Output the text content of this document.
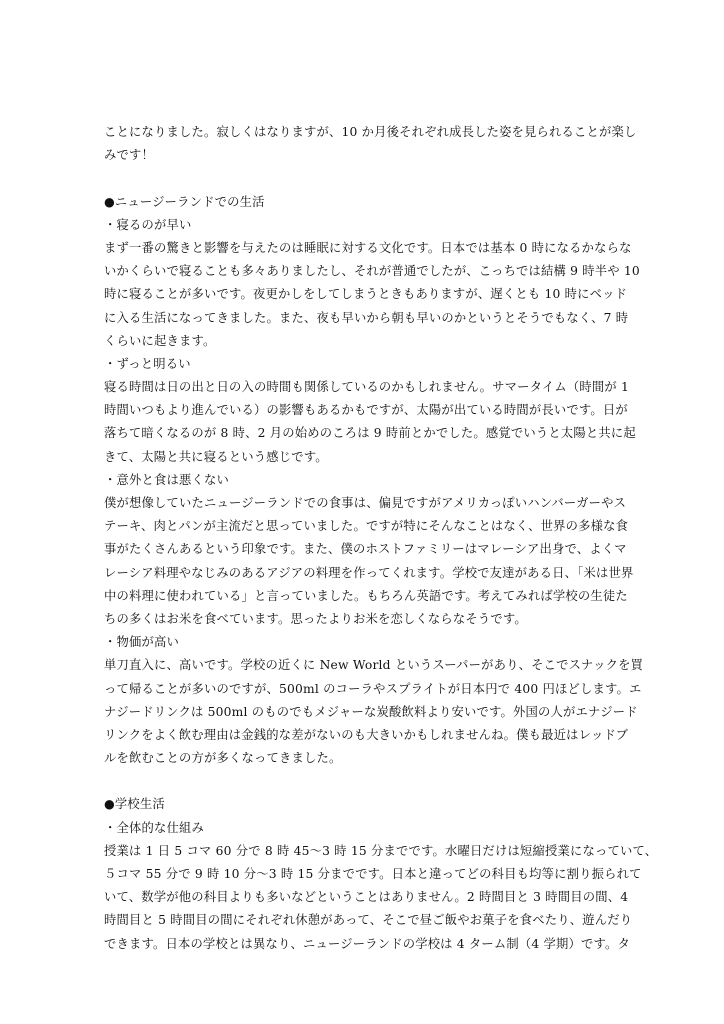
ことになりました。寂しくはなりますが、10 か月後それぞれ成長した姿を見られることが楽し
みです！
●ニュージーランドでの生活
・寝るのが早い
まず一番の驚きと影響を与えたのは睡眠に対する文化です。日本では基本 0 時になるかならな
いかくらいで寝ることも多々ありましたし、それが普通でしたが、こっちでは結構 9 時半や 10
時に寝ることが多いです。夜更かしをしてしまうときもありますが、遅くとも 10 時にベッド
に入る生活になってきました。また、夜も早いから朝も早いのかというとそうでもなく、7 時
くらいに起きます。
・ずっと明るい
寝る時間は日の出と日の入の時間も関係しているのかもしれません。サマータイム（時間が 1
時間いつもより進んでいる）の影響もあるかもですが、太陽が出ている時間が長いです。日が
落ちて暗くなるのが 8 時、2 月の始めのころは 9 時前とかでした。感覚でいうと太陽と共に起
きて、太陽と共に寝るという感じです。
・意外と食は悪くない
僕が想像していたニュージーランドでの食事は、偏見ですがアメリカっぽいハンバーガーやス
テーキ、肉とパンが主流だと思っていました。ですが特にそんなことはなく、世界の多様な食
事がたくさんあるという印象です。また、僕のホストファミリーはマレーシア出身で、よくマ
レーシア料理やなじみのあるアジアの料理を作ってくれます。学校で友達がある日、「米は世界
中の料理に使われている」と言っていました。もちろん英語です。考えてみれば学校の生徒た
ちの多くはお米を食べています。思ったよりお米を恋しくならなそうです。
・物価が高い
単刀直入に、高いです。学校の近くに New World というスーパーがあり、そこでスナックを買
って帰ることが多いのですが、500ml のコーラやスプライトが日本円で 400 円ほどします。エ
ナジードリンクは 500ml のものでもメジャーな炭酸飲料より安いです。外国の人がエナジード
リンクをよく飲む理由は金銭的な差がないのも大きいかもしれませんね。僕も最近はレッドブ
ルを飲むことの方が多くなってきました。
●学校生活
・全体的な仕組み
授業は 1 日 5 コマ 60 分で 8 時 45～3 時 15 分までです。水曜日だけは短縮授業になっていて、
５コマ 55 分で 9 時 10 分～3 時 15 分までです。日本と違ってどの科目も均等に割り振られて
いて、数学が他の科目よりも多いなどということはありません。2 時間目と 3 時間目の間、4
時間目と 5 時間目の間にそれぞれ休憩があって、そこで昼ご飯やお菓子を食べたり、遊んだり
できます。日本の学校とは異なり、ニュージーランドの学校は 4 ターム制（4 学期）です。タ
